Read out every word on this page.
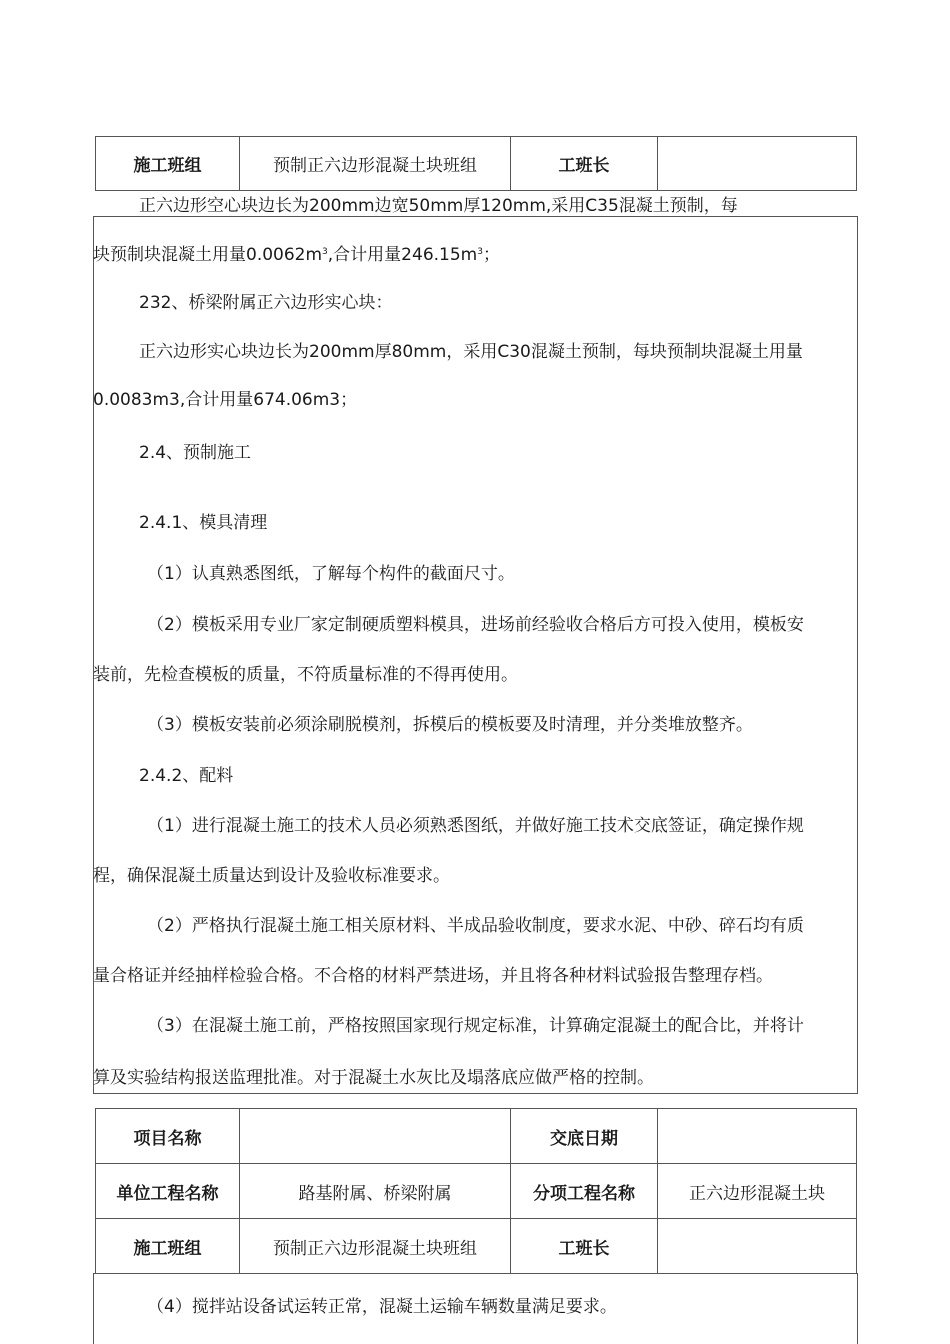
施工班组	预制正六边形混凝土块班组	工班长	
正六边形空心块边长为200mm边宽50mm厚120mm,采用C35混凝土预制，每
块预制块混凝土用量$0.0062m^3$,合计用量$246.15m^3$；
232、桥梁附属正六边形实心块：
正六边形实心块边长为200mm厚80mm，采用C30混凝土预制，每块预制块混凝土用量
0.0083m3,合计用量674.06m3；
2.4、预制施工
2.4.1、模具清理
（1）认真熟悉图纸，了解每个构件的截面尺寸。
（2）模板采用专业厂家定制硬质塑料模具，进场前经验收合格后方可投入使用，模板安
装前，先检查模板的质量，不符质量标准的不得再使用。
（3）模板安装前必须涂刷脱模剂，拆模后的模板要及时清理，并分类堆放整齐。
2.4.2、配料
（1）进行混凝土施工的技术人员必须熟悉图纸，并做好施工技术交底签证，确定操作规
程，确保混凝土质量达到设计及验收标准要求。
（2）严格执行混凝土施工相关原材料、半成品验收制度，要求水泥、中砂、碎石均有质
量合格证并经抽样检验合格。不合格的材料严禁进场，并且将各种材料试验报告整理存档。
（3）在混凝土施工前，严格按照国家现行规定标准，计算确定混凝土的配合比，并将计
算及实验结构报送监理批准。对于混凝土水灰比及塌落底应做严格的控制。
项目名称		交底日期	
单位工程名称	路基附属、桥梁附属	分项工程名称	正六边形混凝土块
施工班组	预制正六边形混凝土块班组	工班长	
（4）搅拌站设备试运转正常，混凝土运输车辆数量满足要求。
